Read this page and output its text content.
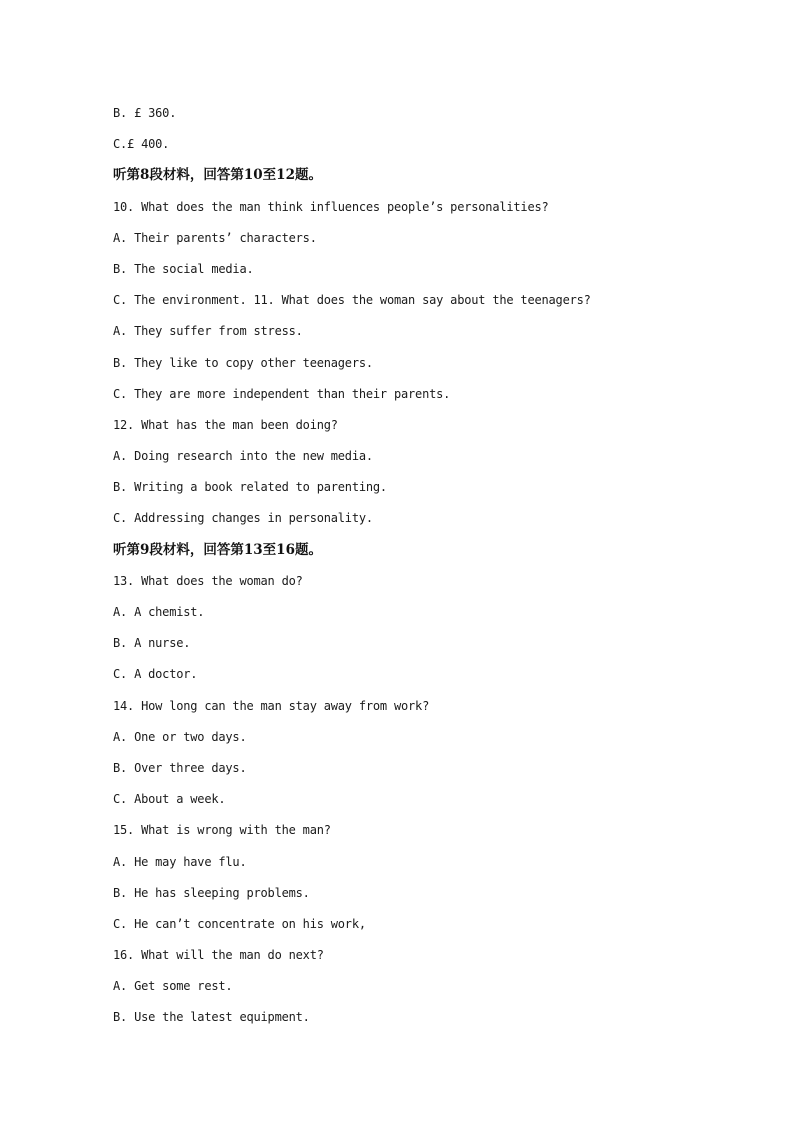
B. £ 360.
C.£ 400.
听第8段材料，回答第10至12题。
10. What does the man think influences people’s personalities?
A. Their parents’ characters.
B. The social media.
C. The environment. 11. What does the woman say about the teenagers?
A. They suffer from stress.
B. They like to copy other teenagers.
C. They are more independent than their parents.
12. What has the man been doing?
A. Doing research into the new media.
B. Writing a book related to parenting.
C. Addressing changes in personality.
听第9段材料，回答第13至16题。
13. What does the woman do?
A. A chemist.
B. A nurse.
C. A doctor.
14. How long can the man stay away from work?
A. One or two days.
B. Over three days.
C. About a week.
15. What is wrong with the man?
A. He may have flu.
B. He has sleeping problems.
C. He can’t concentrate on his work,
16. What will the man do next?
A. Get some rest.
B. Use the latest equipment.
